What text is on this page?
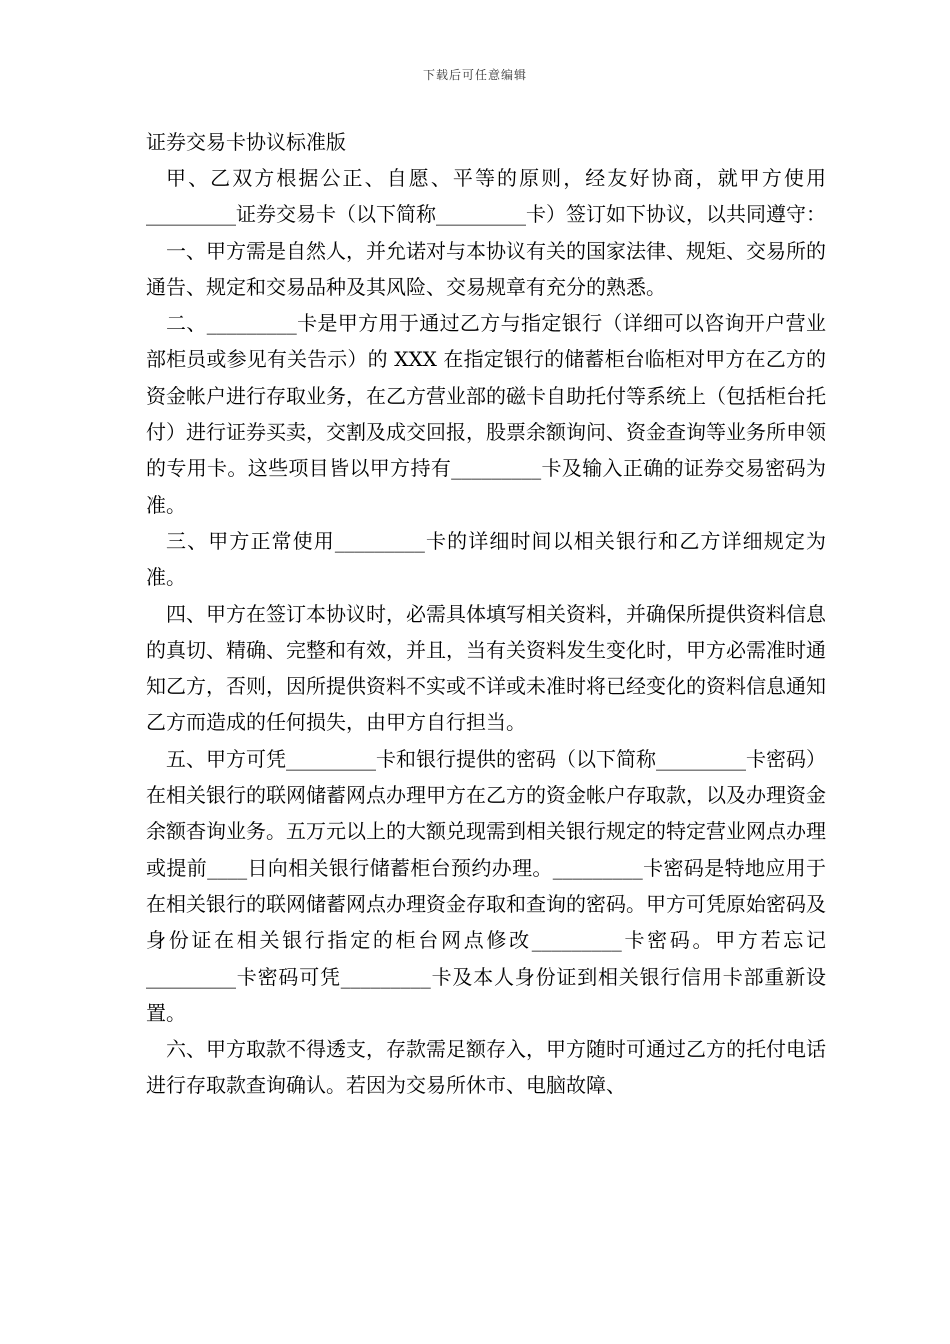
下载后可任意编辑
证券交易卡协议标准版

甲、乙双方根据公正、自愿、平等的原则，经友好协商，就甲方使用_________证券交易卡（以下简称_________卡）签订如下协议，以共同遵守：

一、甲方需是自然人，并允诺对与本协议有关的国家法律、规矩、交易所的通告、规定和交易品种及其风险、交易规章有充分的熟悉。

二、_________卡是甲方用于通过乙方与指定银行（详细可以咨询开户营业部柜员或参见有关告示）的 XXX 在指定银行的储蓄柜台临柜对甲方在乙方的资金帐户进行存取业务，在乙方营业部的磁卡自助托付等系统上（包括柜台托付）进行证券买卖，交割及成交回报，股票余额询问、资金查询等业务所申领的专用卡。这些项目皆以甲方持有_________卡及输入正确的证券交易密码为准。

三、甲方正常使用_________卡的详细时间以相关银行和乙方详细规定为准。

四、甲方在签订本协议时，必需具体填写相关资料，并确保所提供资料信息的真切、精确、完整和有效，并且，当有关资料发生变化时，甲方必需准时通知乙方，否则，因所提供资料不实或不详或未准时将已经变化的资料信息通知乙方而造成的任何损失，由甲方自行担当。

五、甲方可凭_________卡和银行提供的密码（以下简称_________卡密码）在相关银行的联网储蓄网点办理甲方在乙方的资金帐户存取款，以及办理资金余额杳询业务。五万元以上的大额兑现需到相关银行规定的特定营业网点办理或提前____日向相关银行储蓄柜台预约办理。_________卡密码是特地应用于在相关银行的联网储蓄网点办理资金存取和查询的密码。甲方可凭原始密码及身份证在相关银行指定的柜台网点修改_________卡密码。甲方若忘记_________卡密码可凭_________卡及本人身份证到相关银行信用卡部重新设置。

六、甲方取款不得透支，存款需足额存入，甲方随时可通过乙方的托付电话进行存取款查询确认。若因为交易所休市、电脑故障、
